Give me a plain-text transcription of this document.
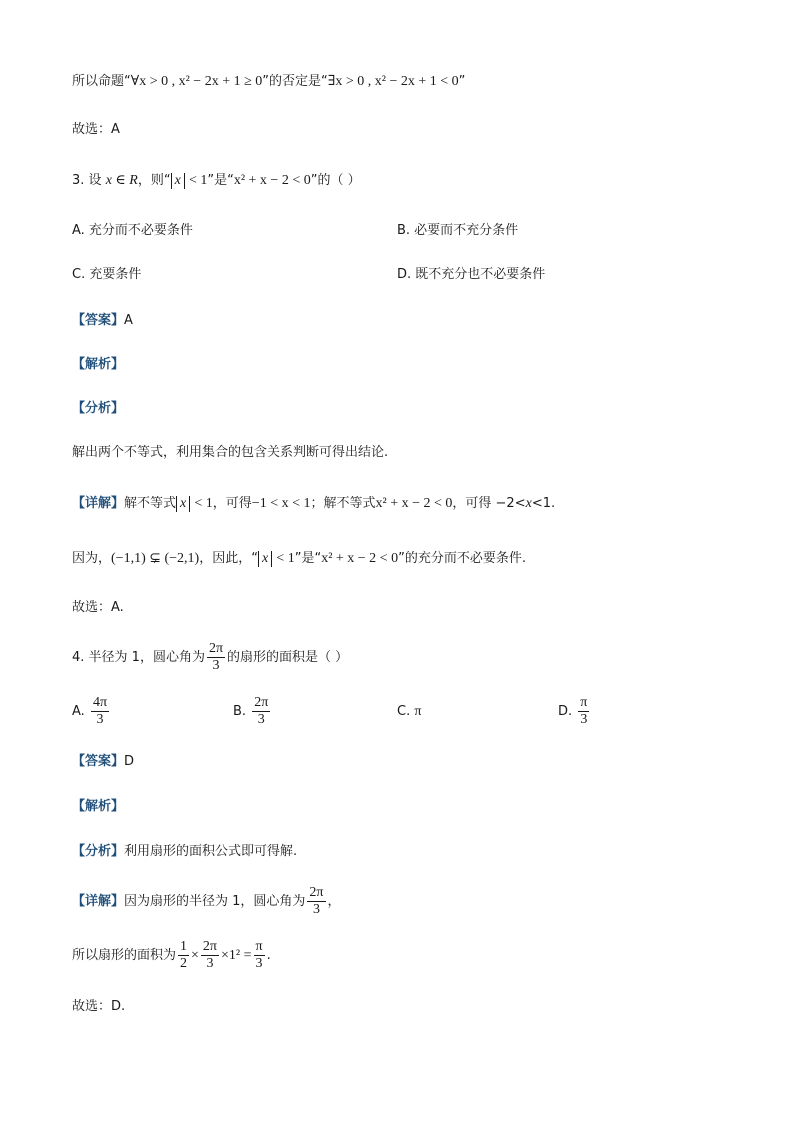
所以命题“∀x > 0 , x² − 2x + 1 ≥ 0”的否定是“∃x > 0 , x² − 2x + 1 < 0”
故选：A
3. 设 x ∈ R，则“ x < 1”是“x² + x − 2 < 0”的（ ）
A. 充分而不必要条件	B. 必要而不充分条件
C. 充要条件	D. 既不充分也不必要条件
【答案】A
【解析】
【分析】
解出两个不等式，利用集合的包含关系判断可得出结论.
【详解】解不等式 x < 1，可得−1 < x < 1；解不等式x² + x − 2 < 0，可得 −2<x<1.
因为，(−1,1) ⊊ (−2,1)，因此，“ x < 1”是“x² + x − 2 < 0”的充分而不必要条件.
故选：A.
4. 半径为 1，圆心角为 $\frac{2\pi}{3}$ 的扇形的面积是（ ）
A. $\frac{4\pi}{3}$	B. $\frac{2\pi}{3}$	C. π	D. $\frac{\pi}{3}$
【答案】D
【解析】
【分析】利用扇形的面积公式即可得解.
【详解】因为扇形的半径为 1，圆心角为 $\frac{2\pi}{3}$ ，
所以扇形的面积为 $\frac{1}{2} \times \frac{2\pi}{3} \times 1^2 = \frac{\pi}{3}$ .
故选：D.
